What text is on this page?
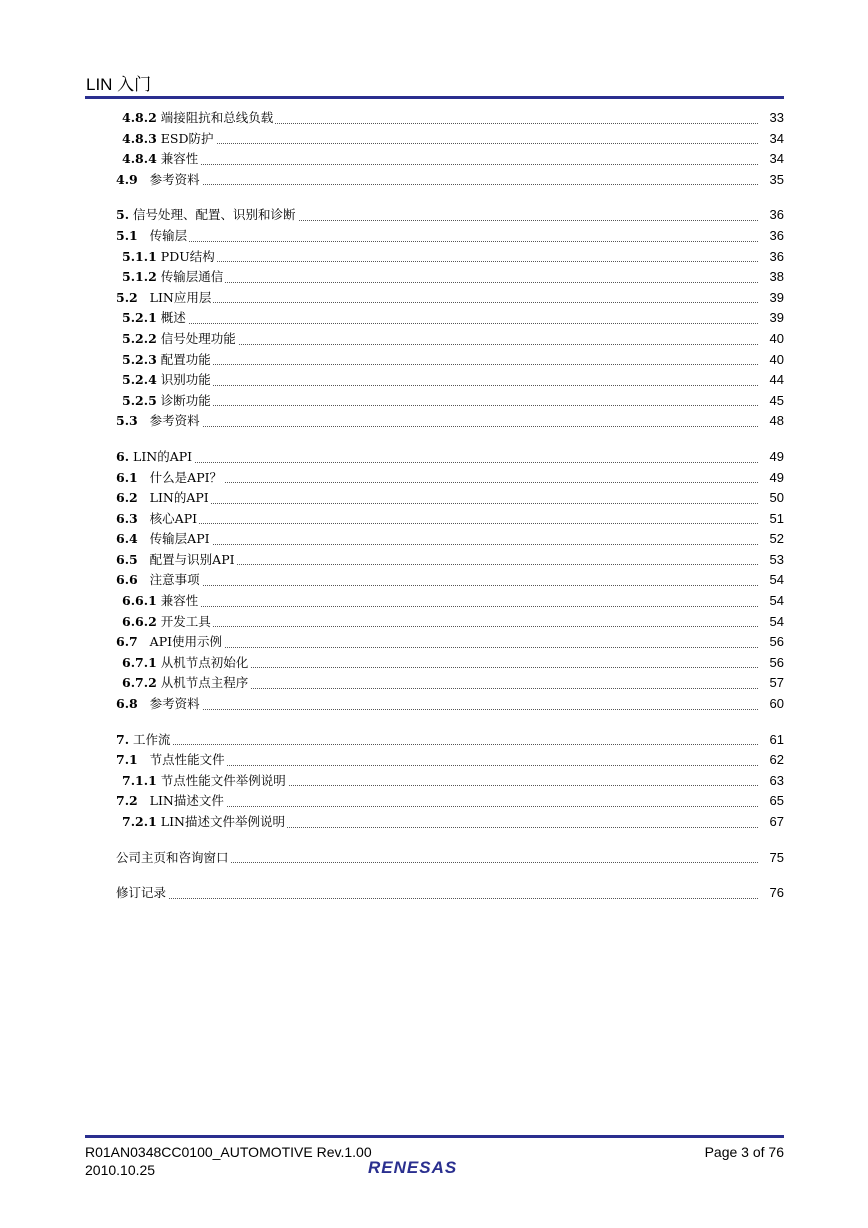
LIN 入门
4.8.2 端接阻抗和总线负载	33
4.8.3 ESD防护	34
4.8.4 兼容性	34
4.9 参考资料	35
5. 信号处理、配置、识别和诊断	36
5.1 传输层	36
5.1.1 PDU结构	36
5.1.2 传输层通信	38
5.2 LIN应用层	39
5.2.1 概述	39
5.2.2 信号处理功能	40
5.2.3 配置功能	40
5.2.4 识别功能	44
5.2.5 诊断功能	45
5.3 参考资料	48
6. LIN的API	49
6.1 什么是API？	49
6.2 LIN的API	50
6.3 核心API	51
6.4 传输层API	52
6.5 配置与识别API	53
6.6 注意事项	54
6.6.1 兼容性	54
6.6.2 开发工具	54
6.7 API使用示例	56
6.7.1 从机节点初始化	56
6.7.2 从机节点主程序	57
6.8 参考资料	60
7. 工作流	61
7.1 节点性能文件	62
7.1.1 节点性能文件举例说明	63
7.2 LIN描述文件	65
7.2.1 LIN描述文件举例说明	67
公司主页和咨询窗口	75
修订记录	76
R01AN0348CC0100_AUTOMOTIVE Rev.1.00
2010.10.25
Page 3 of 76
RENESAS
